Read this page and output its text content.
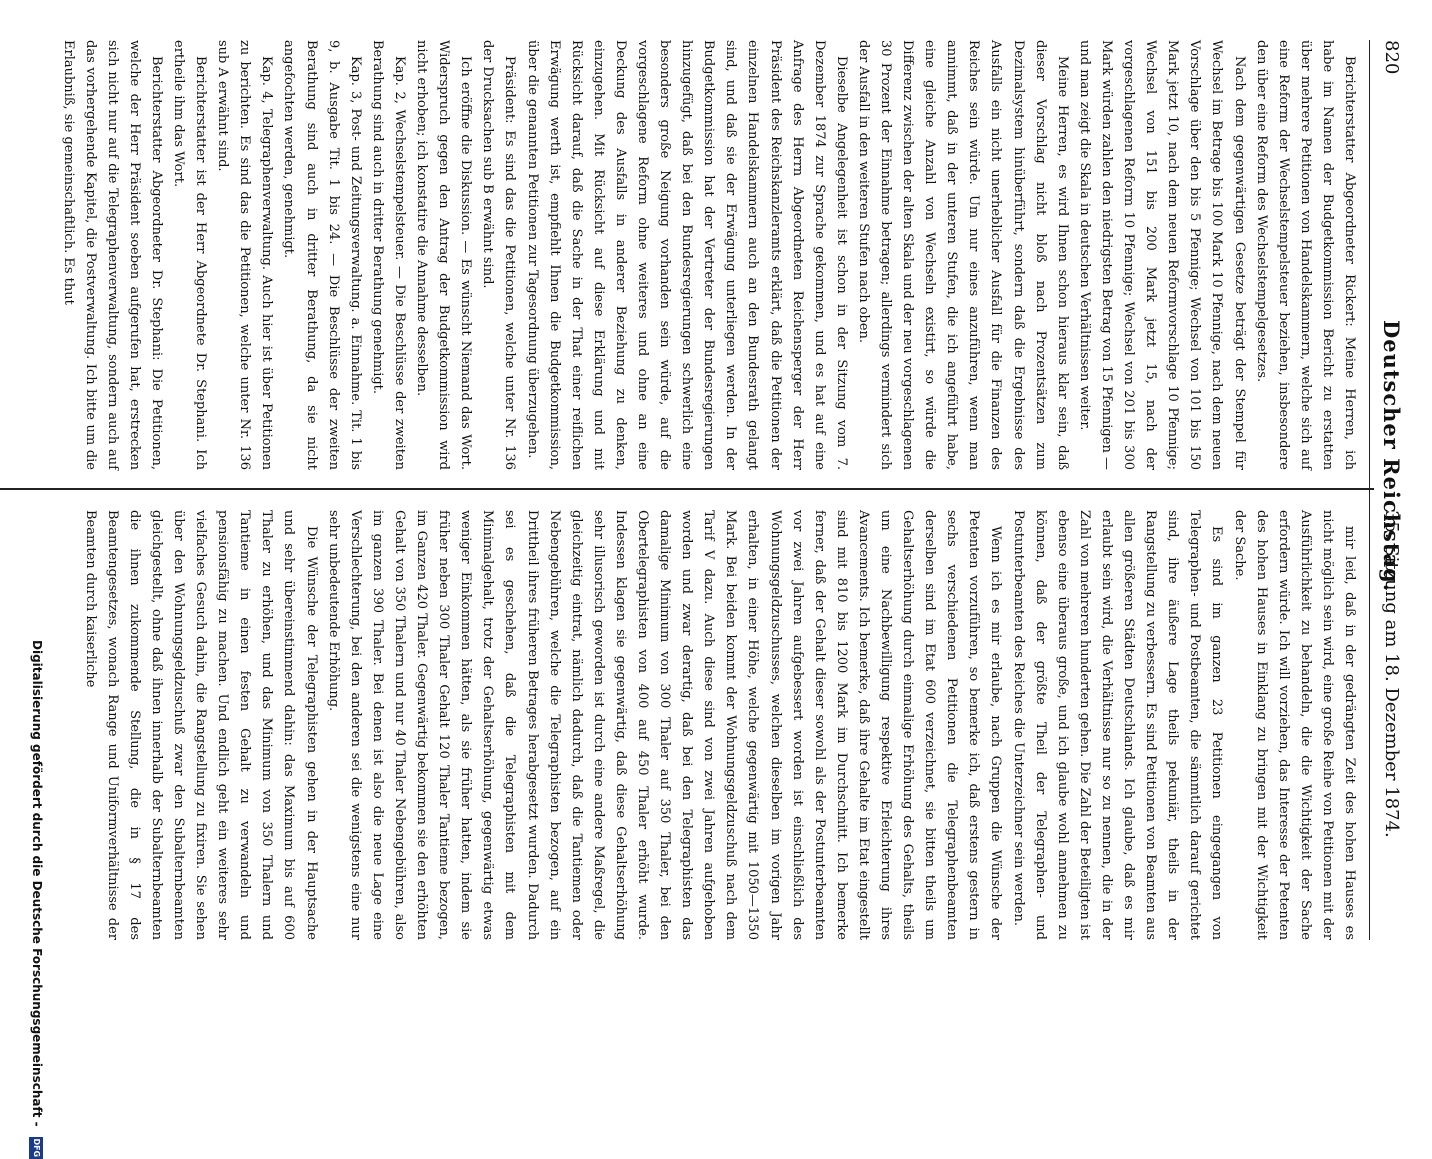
820
Deutscher Reichstag.
35. Sitzung am 18. Dezember 1874.

Berichterstatter Abgeordneter Rickert: Meine Herren, ich habe im Namen der Budgetkommission Bericht zu erstatten über mehrere Petitionen von Handelskammern, welche sich auf eine Reform der Wechselstempelsteuer beziehen, insbesondere den über eine Reform des Wechselstempelgesetzes.

Nach dem gegenwärtigen Gesetze beträgt der Stempel für Wechsel im Betrage bis 100 Mark 10 Pfennige, nach dem neuen Vorschlage über den bis 5 Pfennige; Wechsel von 101 bis 150 Mark jetzt 10, nach dem neuen Reformvorschlage 10 Pfennige; Wechsel von 151 bis 200 Mark jetzt 15, nach der vorgeschlagenen Reform 10 Pfennige; Wechsel von 201 bis 300 Mark würden zahlen den niedrigsten Betrag von 15 Pfennigen — und man zeigt die Skala in deutschen Verhältnissen weiter.

Meine Herren, es wird Ihnen schon hieraus klar sein, daß dieser Vorschlag nicht bloß nach Prozentsätzen zum Dezimalsystem hinüberführt, sondern daß die Ergebnisse des Ausfalls ein nicht unerheblicher Ausfall für die Finanzen des Reiches sein würde. Um nur eines anzuführen, wenn man annimmt, daß in der unteren Stufen, die ich angeführt habe, eine gleiche Anzahl von Wechseln existirt, so würde die Differenz zwischen der alten Skala und der neu vorgeschlagenen 30 Prozent der Einnahme betragen; allerdings vermindert sich der Ausfall in den weiteren Stufen nach oben.

Dieselbe Angelegenheit ist schon in der Sitzung vom 7. Dezember 1874 zur Sprache gekommen, und es hat auf eine Anfrage des Herrn Abgeordneten Reichensperger der Herr Präsident des Reichskanzleramts erklärt, daß die Petitionen der einzelnen Handelskammern auch an den Bundesrath gelangt sind, und daß sie der Erwägung unterliegen werden. In der Budgetkommission hat der Vertreter der Bundesregierungen hinzugefügt, daß bei den Bundesregierungen schwerlich eine besonders große Neigung vorhanden sein würde, auf die vorgeschlagene Reform ohne weiteres und ohne an eine Deckung des Ausfalls in anderer Beziehung zu denken, einzugehen. Mit Rücksicht auf diese Erklärung und mit Rücksicht darauf, daß die Sache in der That einer reiflichen Erwägung werth ist, empfiehlt Ihnen die Budgetkommission, über die genannten Petitionen zur Tagesordnung überzugehen.

Präsident: Es sind das die Petitionen, welche unter Nr. 136 der Drucksachen sub B erwähnt sind.

Ich eröffne die Diskussion. — Es wünscht Niemand das Wort. Widerspruch gegen den Antrag der Budgetkommission wird nicht erhoben; ich konstatire die Annahme desselben.

Kap. 2, Wechselstempelsteuer. — Die Beschlüsse der zweiten Berathung sind auch in dritter Berathung genehmigt.

Kap. 3, Post- und Zeitungsverwaltung. a. Einnahme. Tit. 1 bis 9, b. Ausgabe Tit. 1 bis 24. — Die Beschlüsse der zweiten Berathung sind auch in dritter Berathung, da sie nicht angefochten werden, genehmigt.

Kap. 4, Telegraphenverwaltung. Auch hier ist über Petitionen zu berichten. Es sind das die Petitionen, welche unter Nr. 136 sub A erwähnt sind.

Berichterstatter ist der Herr Abgeordnete Dr. Stephani. Ich ertheile ihm das Wort.

Berichterstatter Abgeordneter Dr. Stephani: Die Petitionen, welche der Herr Präsident soeben aufgerufen hat, erstrecken sich nicht nur auf die Telegraphenverwaltung, sondern auch auf das vorhergehende Kapitel, die Postverwaltung. Ich bitte um die Erlaubniß, sie gemeinschaftlich. Es thut

mir leid, daß in der gedrängten Zeit des hohen Hauses es nicht möglich sein wird, eine große Reihe von Petitionen mit der Ausführlichkeit zu behandeln, die die Wichtigkeit der Sache erfordern würde. Ich will vorziehen, das Interesse der Petenten des hohen Hauses in Einklang zu bringen mit der Wichtigkeit der Sache.

Es sind im ganzen 23 Petitionen eingegangen von Telegraphen- und Postbeamten, die sämmtlich darauf gerichtet sind, ihre äußere Lage theils pekuniär, theils in der Rangstellung zu verbessern. Es sind Petitionen von Beamten aus allen größeren Städten Deutschlands. Ich glaube, daß es mir erlaubt sein wird, die Verhältnisse nur so zu nennen, die in der Zahl von mehreren hunderten gehen. Die Zahl der Beteiligten ist ebenso eine überaus große, und ich glaube wohl annehmen zu können, daß der größte Theil der Telegraphen- und Postunterbeamten des Reiches die Unterzeichner sein werden.

Wenn ich es mir erlaube, nach Gruppen die Wünsche der Petenten vorzuführen, so bemerke ich, daß erstens gestern in sechs verschiedenen Petitionen die Telegraphenbeamten derselben sind im Etat 600 verzeichnet, sie bitten theils um Gehaltserhöhung durch einmalige Erhöhung des Gehalts, theils um eine Nachbewilligung respektive Erleichterung ihres Avancements. Ich bemerke, daß ihre Gehalte im Etat eingestellt sind mit 810 bis 1200 Mark im Durchschnitt. Ich bemerke ferner, daß der Gehalt dieser sowohl als der Postunterbeamten vor zwei Jahren aufgebessert worden ist einschließlich des Wohnungsgeldzuschusses, welchen dieselben im vorigen Jahr erhalten, in einer Höhe, welche gegenwärtig mit 1050—1350 Mark. Bei beiden kommt der Wohnungsgeldzuschuß nach dem Tarif V dazu. Auch diese sind von zwei Jahren aufgehoben worden und zwar derartig, daß bei den Telegraphisten das damalige Minimum von 300 Thaler auf 350 Thaler, bei den Obertelegraphisten von 400 auf 450 Thaler erhöht wurde. Indessen klagen sie gegenwärtig, daß diese Gehaltserhöhung sehr illusorisch geworden ist durch eine andere Maßregel, die gleichzeitig eintrat, nämlich dadurch, daß die Tantiemen oder Nebengebühren, welche die Telegraphisten bezogen, auf ein Drittheil ihres früheren Betrages herabgesetzt wurden. Dadurch sei es geschehen, daß die Telegraphisten mit dem Minimalgehalt, trotz der Gehaltserhöhung, gegenwärtig etwas weniger Einkommen hätten, als sie früher hatten, indem sie früher neben 300 Thaler Gehalt 120 Thaler Tantieme bezogen, im Ganzen 420 Thaler. Gegenwärtig bekommen sie den erhöhten Gehalt von 350 Thalern und nur 40 Thaler Nebengebühren, also im ganzen 390 Thaler. Bei denen ist also die neue Lage eine Verschlechterung, bei den anderen sei die wenigstens eine nur sehr unbedeutende Erhöhung.

Die Wünsche der Telegraphisten gehen in der Hauptsache und sehr übereinstimmend dahin: das Maximum bis auf 600 Thaler zu erhöhen, und das Minimum von 350 Thalern und Tantieme in einen festen Gehalt zu verwandeln und pensionsfähig zu machen. Und endlich geht ein weiteres sehr vielfaches Gesuch dahin, die Rangstellung zu fixiren. Sie sehen über den Wohnungsgeldzuschuß zwar den Subalternbeamten gleichgestellt, ohne daß ihnen innerhalb der Subalternbeamten die ihnen zukommende Stellung, die in § 17 des Beamtengesetzes, wonach Range und Uniformverhältnisse der Beamten durch kaiserliche

Digitalisierung gefördert durch die Deutsche Forschungsgemeinschaft - DFG
